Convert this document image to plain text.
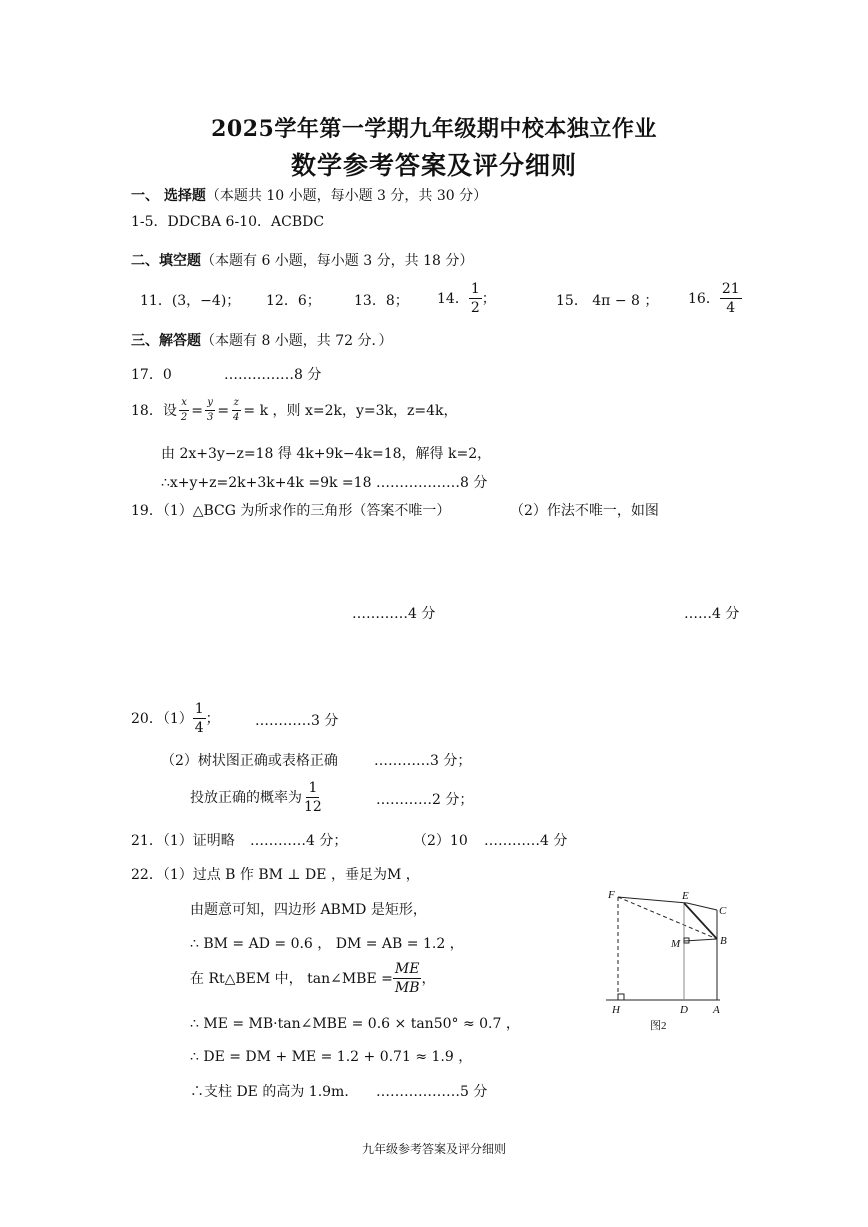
2025学年第一学期九年级期中校本独立作业
数学参考答案及评分细则
一、 选择题（本题共 10 小题，每小题 3 分，共 30 分）
1-5．DDCBA 6-10．ACBDC
二、填空题（本题有 6 小题，每小题 3 分，共 18 分）
11．(3，−4)； 12．6； 13．8； 14． $\frac{1}{2}$ ；	15． 4π − 8 ； 16． $\frac{21}{4}$
三、解答题（本题有 8 小题，共 72 分．）
17．0	……………8 分
18．设 $\frac{x}{2} = \frac{y}{3} = \frac{z}{4} = k$ ，则 x=2k，y=3k，z=4k，
由 2x+3y−z=18 得 4k+9k−4k=18，解得 k=2，
∴x+y+z=2k+3k+4k =9k =18 ………………8 分
19．（1）△BCG 为所求作的三角形（答案不唯一）	（2）作法不唯一，如图
…………4 分	……4 分
20．$(1) \frac{1}{4}$ ；	…………3 分
（2）树状图正确或表格正确	…………3 分；
投放正确的概率为 $\frac{1}{12}$	…………2 分；
21．（1）证明略 …………4 分；	（2）10 …………4 分
22．（1）过点 B 作 BM ⊥ DE ，垂足为M ，
由题意可知，四边形 ABMD 是矩形，
∴ BM = AD = 0.6 ， DM = AB = 1.2 ，
在 Rt△BEM 中， tan∠MBE = $\frac{ME}{MB}$ ，
∴ ME = MB·tan∠MBE = 0.6 × tan50° ≈ 0.7 ，
∴ DE = DM + ME = 1.2 + 0.71 ≈ 1.9 ，
∴支柱 DE 的高为 1.9m． ………………5 分
F	E
C
M	B
H	D A
图2
九年级参考答案及评分细则
